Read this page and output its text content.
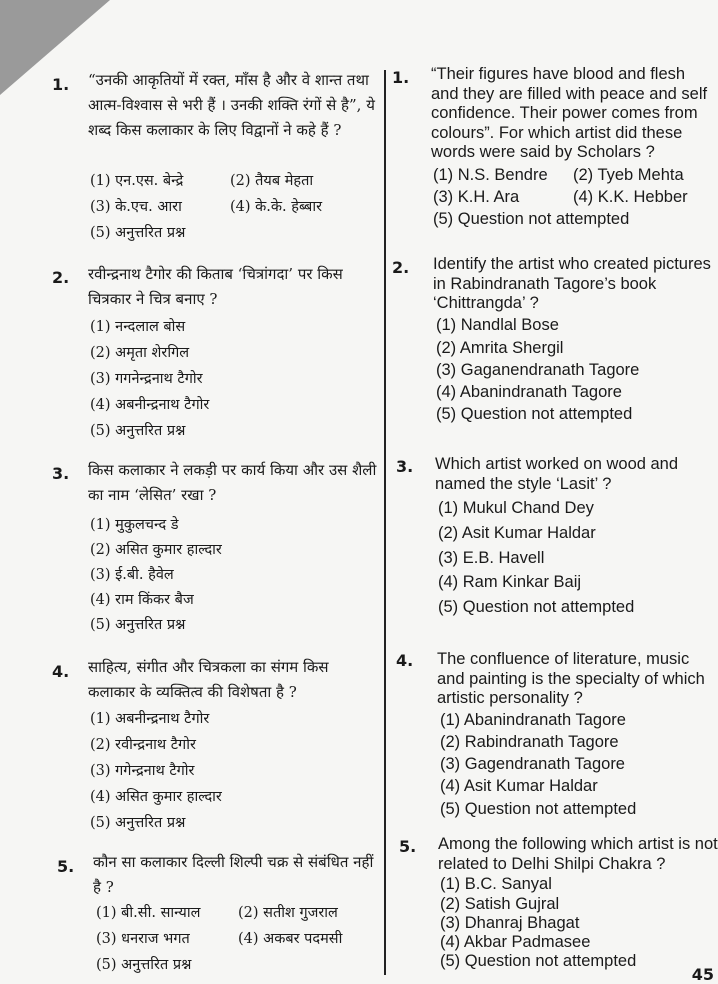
1. “उनकी आकृतियों में रक्त, माँस है और वे शान्त तथा आत्म-विश्वास से भरी हैं । उनकी शक्ति रंगों से है”, ये शब्द किस कलाकार के लिए विद्वानों ने कहे हैं ?
(1) एन.एस. बेन्द्रे	(2) तैयब मेहता
(3) के.एच. आरा	(4) के.के. हेब्बार
(5) अनुत्तरित प्रश्न
2. रवीन्द्रनाथ टैगोर की किताब ‘चित्रांगदा’ पर किस चित्रकार ने चित्र बनाए ?
(1) नन्दलाल बोस
(2) अमृता शेरगिल
(3) गगनेन्द्रनाथ टैगोर
(4) अबनीन्द्रनाथ टैगोर
(5) अनुत्तरित प्रश्न
3. किस कलाकार ने लकड़ी पर कार्य किया और उस शैली का नाम ‘लेसित’ रखा ?
(1) मुकुलचन्द डे
(2) असित कुमार हाल्दार
(3) ई.बी. हैवेल
(4) राम किंकर बैज
(5) अनुत्तरित प्रश्न
4. साहित्य, संगीत और चित्रकला का संगम किस कलाकार के व्यक्तित्व की विशेषता है ?
(1) अबनीन्द्रनाथ टैगोर
(2) रवीन्द्रनाथ टैगोर
(3) गगेन्द्रनाथ टैगोर
(4) असित कुमार हाल्दार
(5) अनुत्तरित प्रश्न
5. कौन सा कलाकार दिल्ली शिल्पी चक्र से संबंधित नहीं है ?
(1) बी.सी. सान्याल	(2) सतीश गुजराल
(3) धनराज भगत	(4) अकबर पदमसी
(5) अनुत्तरित प्रश्न
1. “Their figures have blood and flesh and they are filled with peace and self confidence. Their power comes from colours”. For which artist did these words were said by Scholars ?
(1) N.S. Bendre (2) Tyeb Mehta
(3) K.H. Ara	(4) K.K. Hebber
(5) Question not attempted
2. Identify the artist who created pictures in Rabindranath Tagore’s book ‘Chittrangda’ ?
(1) Nandlal Bose
(2) Amrita Shergil
(3) Gaganendranath Tagore
(4) Abanindranath Tagore
(5) Question not attempted
3. Which artist worked on wood and named the style ‘Lasit’ ?
(1) Mukul Chand Dey
(2) Asit Kumar Haldar
(3) E.B. Havell
(4) Ram Kinkar Baij
(5) Question not attempted
4. The confluence of literature, music and painting is the specialty of which artistic personality ?
(1) Abanindranath Tagore
(2) Rabindranath Tagore
(3) Gagendranath Tagore
(4) Asit Kumar Haldar
(5) Question not attempted
5. Among the following which artist is not related to Delhi Shilpi Chakra ?
(1) B.C. Sanyal
(2) Satish Gujral
(3) Dhanraj Bhagat
(4) Akbar Padmasee
(5) Question not attempted
45
